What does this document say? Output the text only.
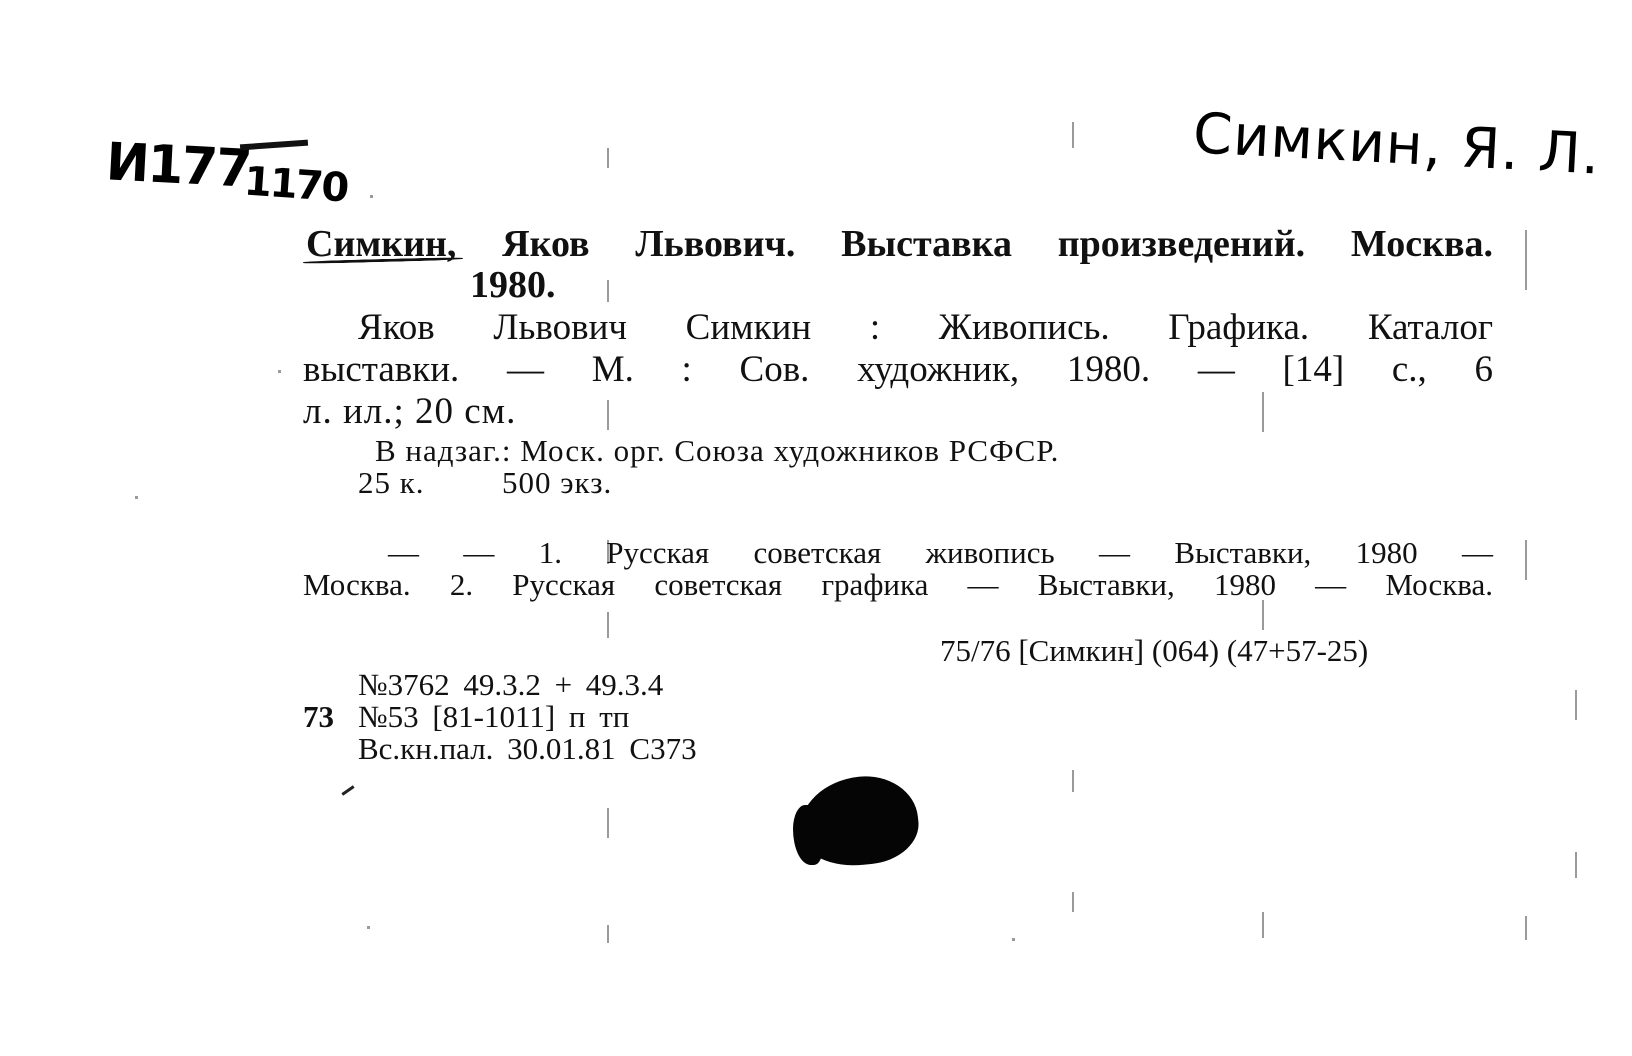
И177
1170	Симкин, Я. Л.
Симкин, Яков Львович. Выставка произведений. Москва.
1980.
Яков Львович Симкин : Живопись. Графика. Каталог
выставки. — М. : Сов. художник, 1980. — [14] с., 6
л. ил.; 20 см.
В надзаг.: Моск. орг. Союза художников РСФСР.
25 к. 500 экз.
— — 1. Русская советская живопись — Выставки, 1980 —
Москва. 2. Русская советская графика — Выставки, 1980 — Москва.
75/76 [Симкин] (064) (47+57-25)
№3762 49.3.2 + 49.3.4
73 №53 [81-1011] п тп
Вс.кн.пал. 30.01.81 С373
